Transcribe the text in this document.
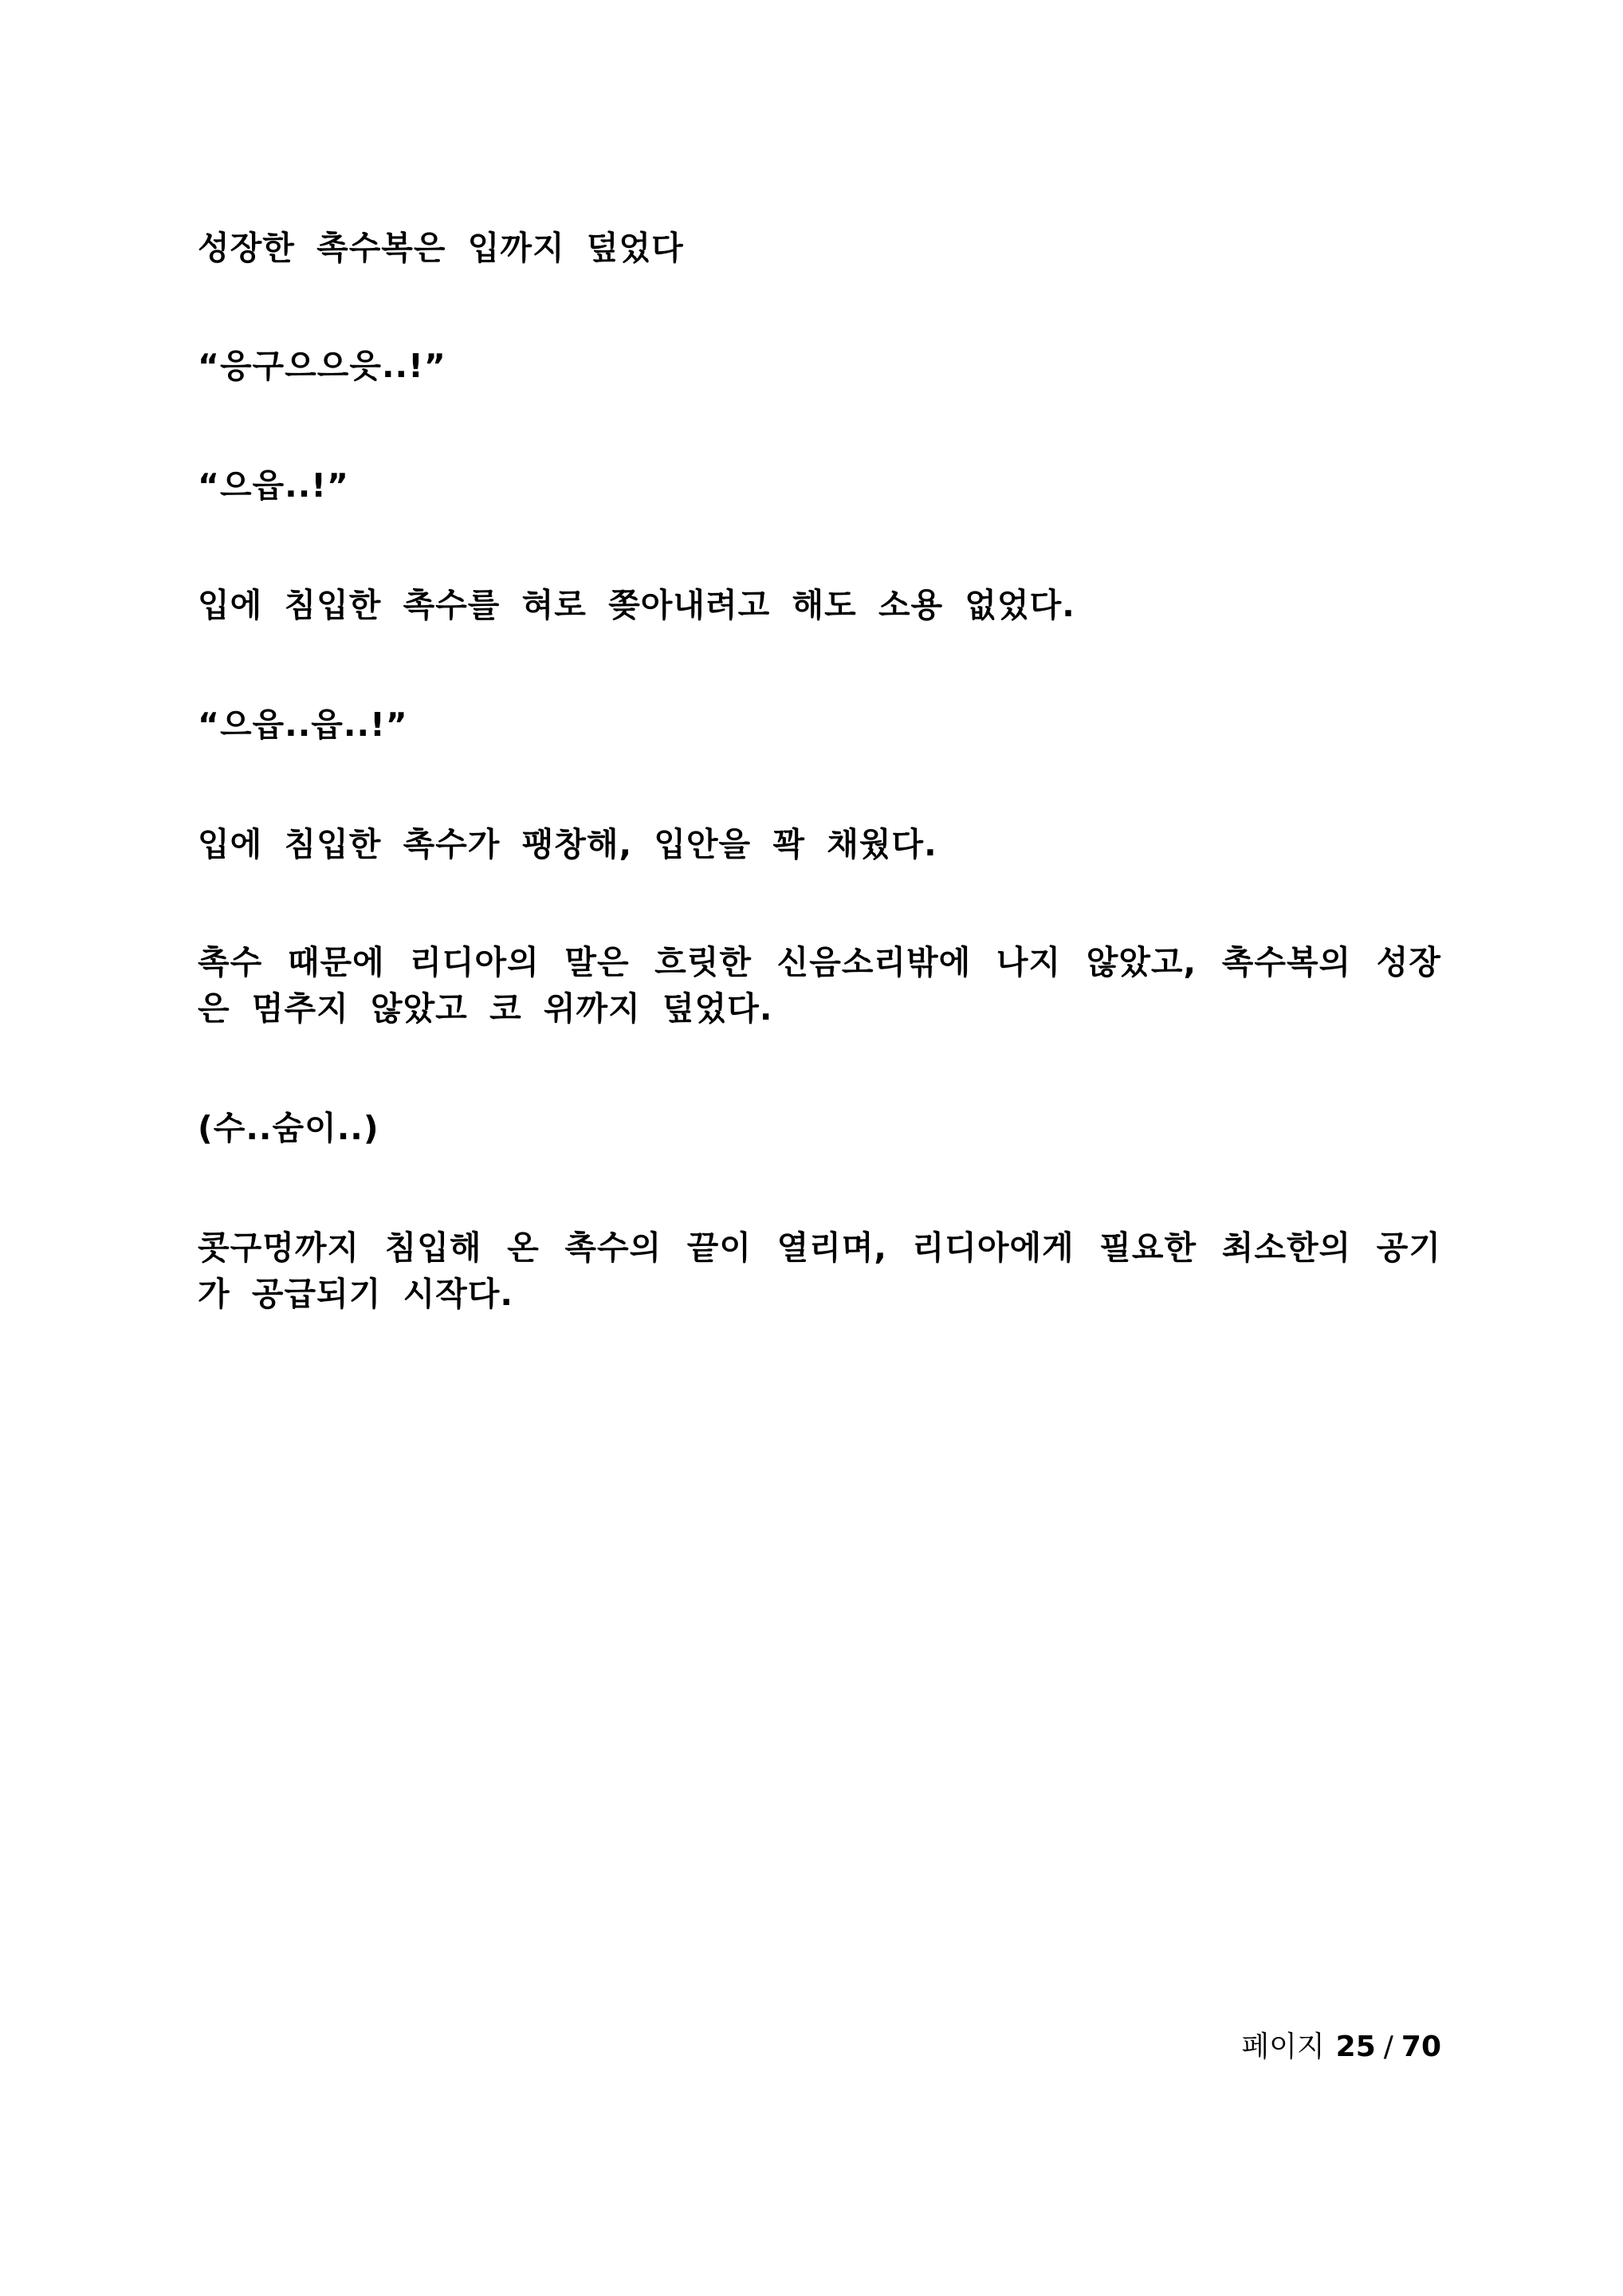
성장한 촉수복은 입까지 덮었다

“응구으으읏..!”

“으읍..!”

입에 침입한 촉수를 혀로 쫒아내려고 해도 소용 없었다.

“으읍..읍..!”

입에 침입한 촉수가 팽창해, 입안을 꽉 채웠다.

촉수 때문에 리디아의 말은 흐릿한 신음소리밖에 나지 않았고, 촉수복의 성장은 멈추지 않았고 코 위까지 덮었다.

(수..숨이..)

콧구멍까지 침입해 온 촉수의 끝이 열리며, 리디아에게 필요한 최소한의 공기가 공급되기 시작다.

페이지 25 / 70
